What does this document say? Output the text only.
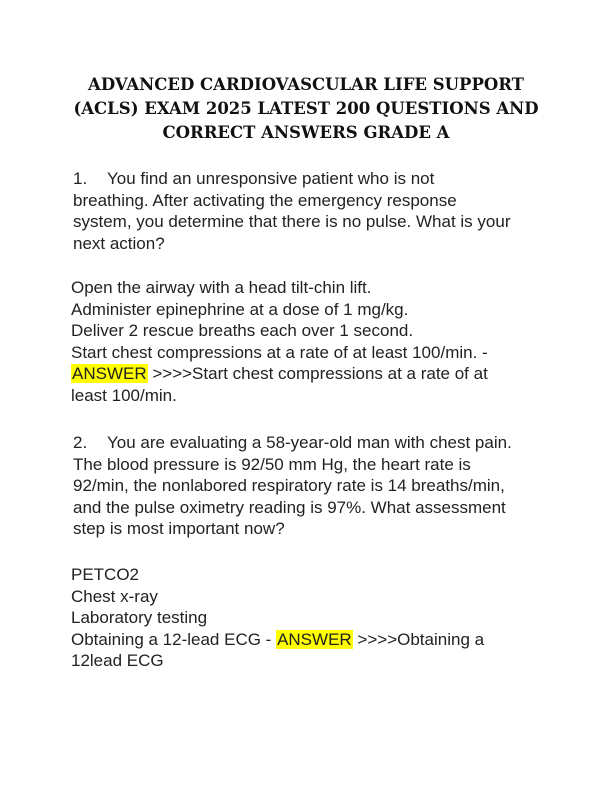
ADVANCED CARDIOVASCULAR LIFE SUPPORT
(ACLS) EXAM 2025 LATEST 200 QUESTIONS AND
CORRECT ANSWERS GRADE A
1. You find an unresponsive patient who is not
breathing. After activating the emergency response
system, you determine that there is no pulse. What is your
next action?
Open the airway with a head tilt-chin lift.
Administer epinephrine at a dose of 1 mg/kg.
Deliver 2 rescue breaths each over 1 second.
Start chest compressions at a rate of at least 100/min. -
ANSWER >>>>Start chest compressions at a rate of at
least 100/min.
2. You are evaluating a 58-year-old man with chest pain.
The blood pressure is 92/50 mm Hg, the heart rate is
92/min, the nonlabored respiratory rate is 14 breaths/min,
and the pulse oximetry reading is 97%. What assessment
step is most important now?
PETCO2
Chest x-ray
Laboratory testing
Obtaining a 12-lead ECG - ANSWER >>>>Obtaining a
12lead ECG
